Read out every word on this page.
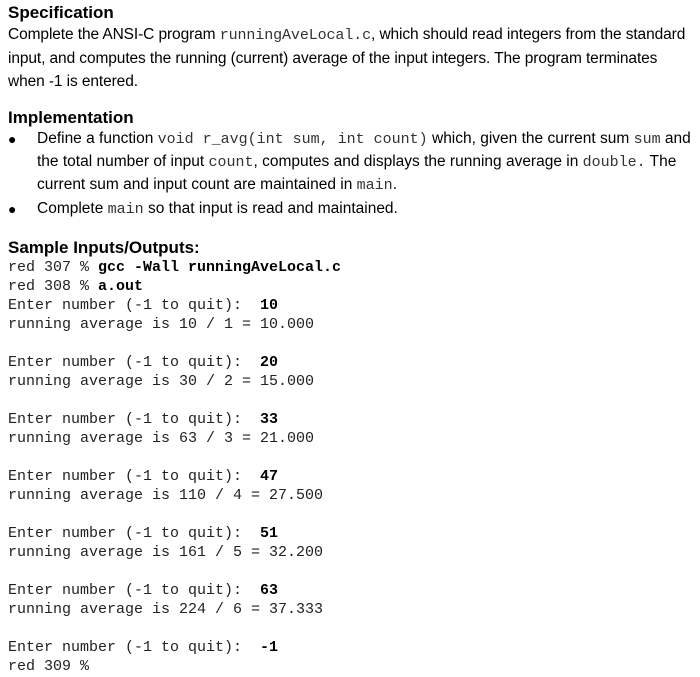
Specification
Complete the ANSI-C program runningAveLocal.c, which should read integers from the standard input, and computes the running (current) average of the input integers. The program terminates when -1 is entered.
Implementation
● Define a function void r_avg(int sum, int count) which, given the current sum sum and the total number of input count, computes and displays the running average in double. The current sum and input count are maintained in main.
● Complete main so that input is read and maintained.
Sample Inputs/Outputs:
red 307 % gcc -Wall runningAveLocal.c
red 308 % a.out
Enter number (-1 to quit):  10
running average is 10 / 1 = 10.000
Enter number (-1 to quit):  20
running average is 30 / 2 = 15.000
Enter number (-1 to quit):  33
running average is 63 / 3 = 21.000
Enter number (-1 to quit):  47
running average is 110 / 4 = 27.500
Enter number (-1 to quit):  51
running average is 161 / 5 = 32.200
Enter number (-1 to quit):  63
running average is 224 / 6 = 37.333
Enter number (-1 to quit):  -1
red 309 %
